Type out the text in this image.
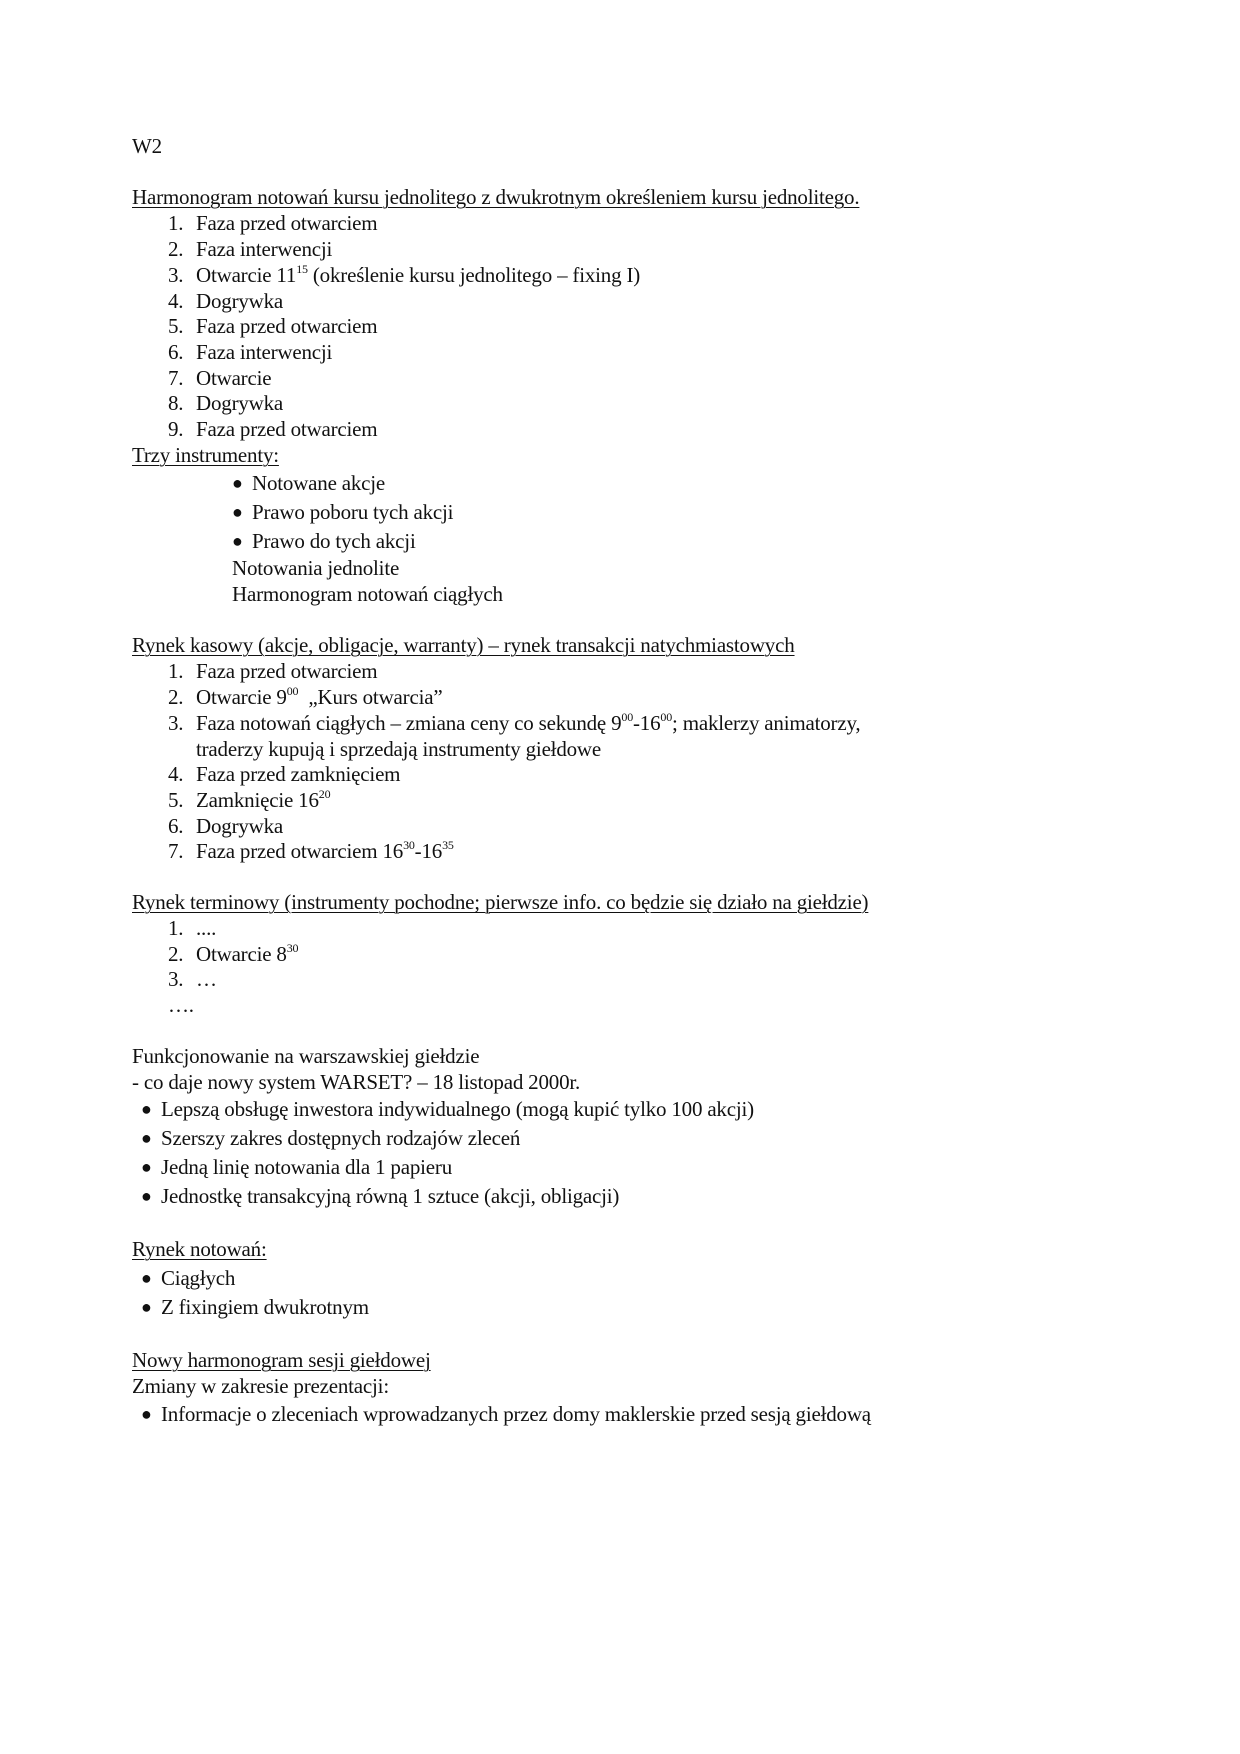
W2
Harmonogram notowań kursu jednolitego z dwukrotnym określeniem kursu jednolitego.
1. Faza przed otwarciem
2. Faza interwencji
3. Otwarcie $11^{15}$ (określenie kursu jednolitego – fixing I)
4. Dogrywka
5. Faza przed otwarciem
6. Faza interwencji
7. Otwarcie
8. Dogrywka
9. Faza przed otwarciem
Trzy instrumenty:
● Notowane akcje
● Prawo poboru tych akcji
● Prawo do tych akcji
Notowania jednolite
Harmonogram notowań ciągłych
Rynek kasowy (akcje, obligacje, warranty) – rynek transakcji natychmiastowych
1. Faza przed otwarciem
2. Otwarcie $9^{00}$  „Kurs otwarcia”
3. Faza notowań ciągłych – zmiana ceny co sekundę $9^{00}-16^{00}$; maklerzy animatorzy,
traderzy kupują i sprzedają instrumenty giełdowe
4. Faza przed zamknięciem
5. Zamknięcie $16^{20}$
6. Dogrywka
7. Faza przed otwarciem $16^{30}-16^{35}$
Rynek terminowy (instrumenty pochodne; pierwsze info. co będzie się działo na giełdzie)
1. ....
2. Otwarcie $8^{30}$
3. …
….
Funkcjonowanie na warszawskiej giełdzie
- co daje nowy system WARSET? – 18 listopad 2000r.
● Lepszą obsługę inwestora indywidualnego (mogą kupić tylko 100 akcji)
● Szerszy zakres dostępnych rodzajów zleceń
● Jedną linię notowania dla 1 papieru
● Jednostkę transakcyjną równą 1 sztuce (akcji, obligacji)
Rynek notowań:
● Ciągłych
● Z fixingiem dwukrotnym
Nowy harmonogram sesji giełdowej
Zmiany w zakresie prezentacji:
● Informacje o zleceniach wprowadzanych przez domy maklerskie przed sesją giełdową
